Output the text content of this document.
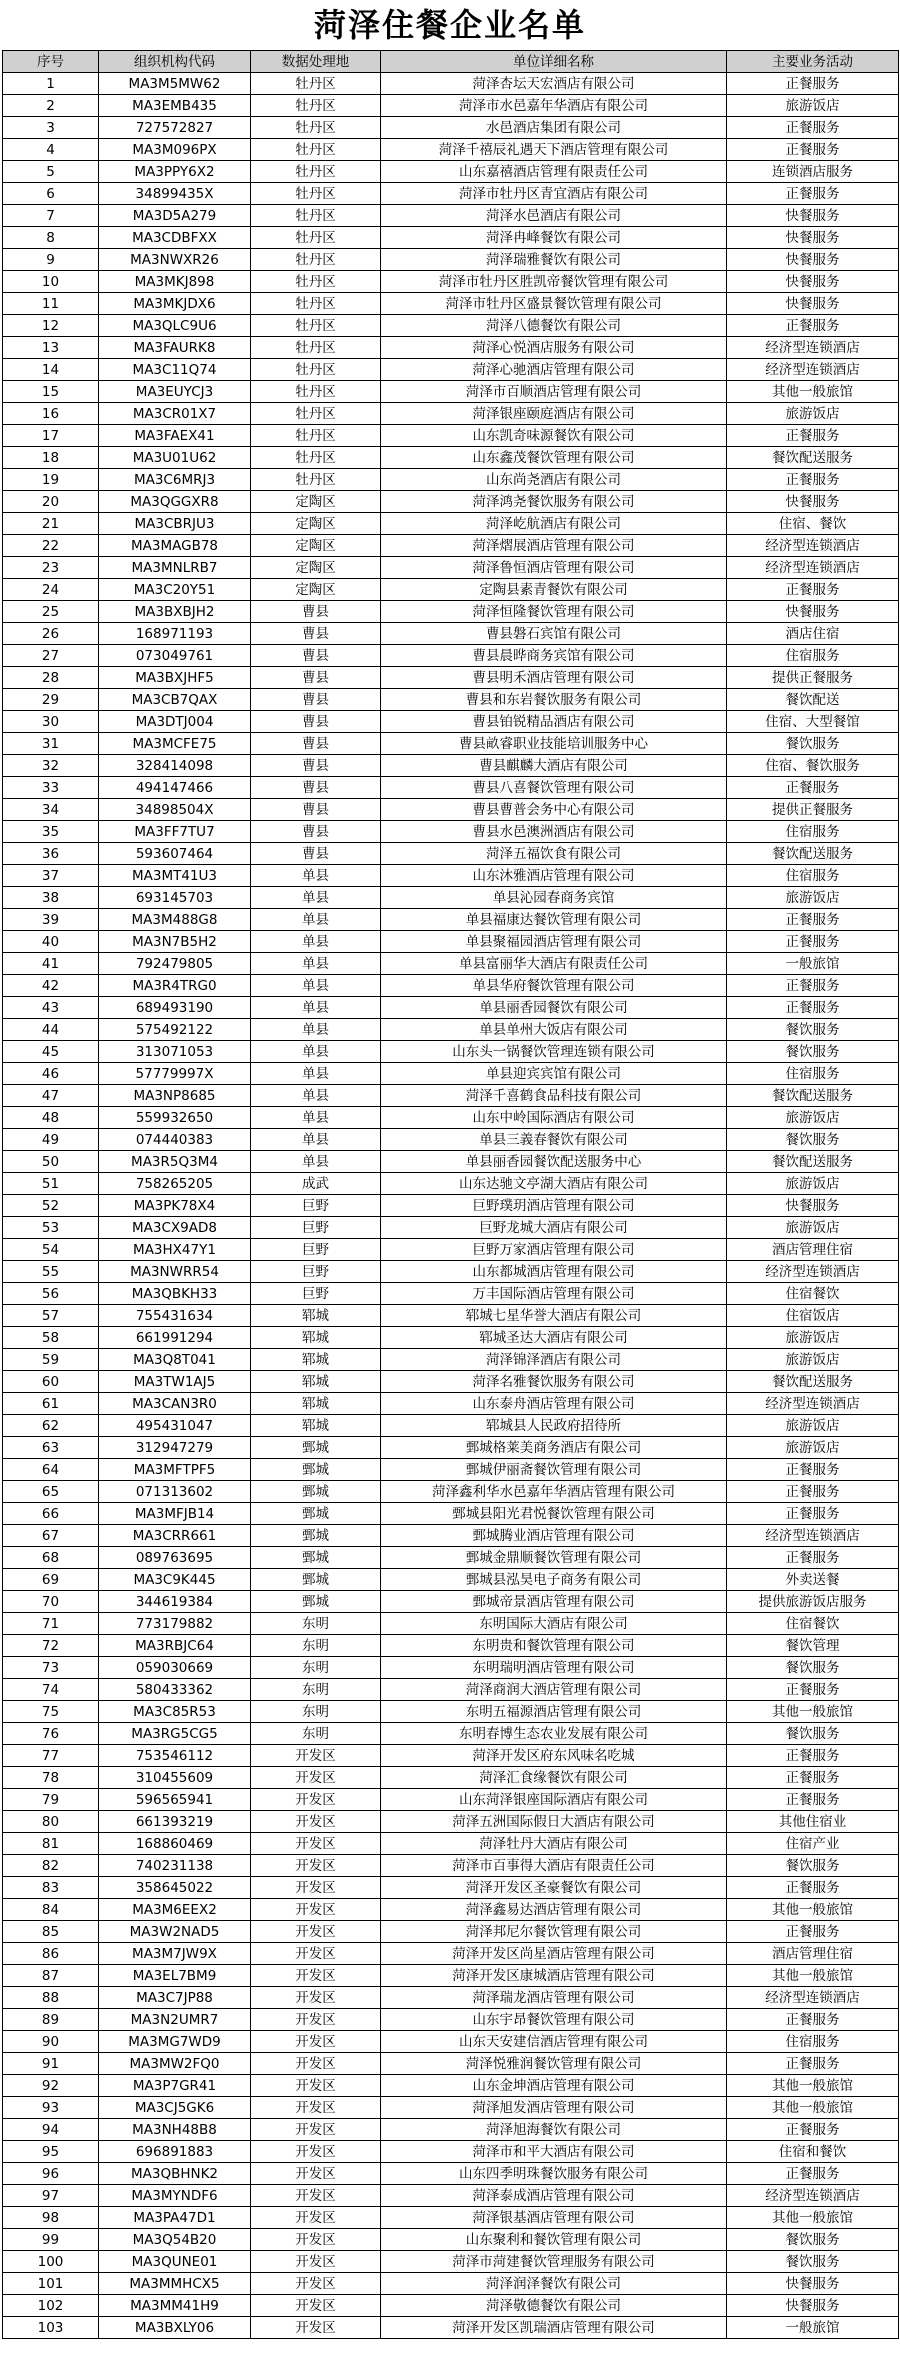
菏泽住餐企业名单
序号	组织机构代码	数据处理地	单位详细名称	主要业务活动
1	MA3M5MW62	牡丹区	菏泽杏坛天宏酒店有限公司	正餐服务
2	MA3EMB435	牡丹区	菏泽市水邑嘉年华酒店有限公司	旅游饭店
3	727572827	牡丹区	水邑酒店集团有限公司	正餐服务
4	MA3M096PX	牡丹区	菏泽千禧辰礼遇天下酒店管理有限公司	正餐服务
5	MA3PPY6X2	牡丹区	山东嘉禧酒店管理有限责任公司	连锁酒店服务
6	34899435X	牡丹区	菏泽市牡丹区青宜酒店有限公司	正餐服务
7	MA3D5A279	牡丹区	菏泽水邑酒店有限公司	快餐服务
8	MA3CDBFXX	牡丹区	菏泽冉峰餐饮有限公司	快餐服务
9	MA3NWXR26	牡丹区	菏泽瑞雅餐饮有限公司	快餐服务
10	MA3MKJ898	牡丹区	菏泽市牡丹区胜凯帝餐饮管理有限公司	快餐服务
11	MA3MKJDX6	牡丹区	菏泽市牡丹区盛景餐饮管理有限公司	快餐服务
12	MA3QLC9U6	牡丹区	菏泽八德餐饮有限公司	正餐服务
13	MA3FAURK8	牡丹区	菏泽心悦酒店服务有限公司	经济型连锁酒店
14	MA3C11Q74	牡丹区	菏泽心驰酒店管理有限公司	经济型连锁酒店
15	MA3EUYCJ3	牡丹区	菏泽市百顺酒店管理有限公司	其他一般旅馆
16	MA3CR01X7	牡丹区	菏泽银座颐庭酒店有限公司	旅游饭店
17	MA3FAEX41	牡丹区	山东凯奇味源餐饮有限公司	正餐服务
18	MA3U01U62	牡丹区	山东鑫茂餐饮管理有限公司	餐饮配送服务
19	MA3C6MRJ3	牡丹区	山东尚尧酒店有限公司	正餐服务
20	MA3QGGXR8	定陶区	菏泽鸿尧餐饮服务有限公司	快餐服务
21	MA3CBRJU3	定陶区	菏泽屹航酒店有限公司	住宿、餐饮
22	MA3MAGB78	定陶区	菏泽熠展酒店管理有限公司	经济型连锁酒店
23	MA3MNLRB7	定陶区	菏泽鲁恒酒店管理有限公司	经济型连锁酒店
24	MA3C20Y51	定陶区	定陶县素青餐饮有限公司	正餐服务
25	MA3BXBJH2	曹县	菏泽恒隆餐饮管理有限公司	快餐服务
26	168971193	曹县	曹县磐石宾馆有限公司	酒店住宿
27	073049761	曹县	曹县晨晔商务宾馆有限公司	住宿服务
28	MA3BXJHF5	曹县	曹县明禾酒店管理有限公司	提供正餐服务
29	MA3CB7QAX	曹县	曹县和东岩餐饮服务有限公司	餐饮配送
30	MA3DTJ004	曹县	曹县铂锐精品酒店有限公司	住宿、大型餐馆
31	MA3MCFE75	曹县	曹县畝睿职业技能培训服务中心	餐饮服务
32	328414098	曹县	曹县麒麟大酒店有限公司	住宿、餐饮服务
33	494147466	曹县	曹县八喜餐饮管理有限公司	正餐服务
34	34898504X	曹县	曹县曹普会务中心有限公司	提供正餐服务
35	MA3FF7TU7	曹县	曹县水邑澳洲酒店有限公司	住宿服务
36	593607464	曹县	菏泽五福饮食有限公司	餐饮配送服务
37	MA3MT41U3	单县	山东沐雅酒店管理有限公司	住宿服务
38	693145703	单县	单县沁园春商务宾馆	旅游饭店
39	MA3M488G8	单县	单县福康达餐饮管理有限公司	正餐服务
40	MA3N7B5H2	单县	单县聚福园酒店管理有限公司	正餐服务
41	792479805	单县	单县富丽华大酒店有限责任公司	一般旅馆
42	MA3R4TRG0	单县	单县华府餐饮管理有限公司	正餐服务
43	689493190	单县	单县丽香园餐饮有限公司	正餐服务
44	575492122	单县	单县单州大饭店有限公司	餐饮服务
45	313071053	单县	山东头一锅餐饮管理连锁有限公司	餐饮服务
46	57779997X	单县	单县迎宾宾馆有限公司	住宿服务
47	MA3NP8685	单县	菏泽千喜鹤食品科技有限公司	餐饮配送服务
48	559932650	单县	山东中岭国际酒店有限公司	旅游饭店
49	074440383	单县	单县三義春餐饮有限公司	餐饮服务
50	MA3R5Q3M4	单县	单县丽香园餐饮配送服务中心	餐饮配送服务
51	758265205	成武	山东达驰文亭湖大酒店有限公司	旅游饭店
52	MA3PK78X4	巨野	巨野璞玥酒店管理有限公司	快餐服务
53	MA3CX9AD8	巨野	巨野龙城大酒店有限公司	旅游饭店
54	MA3HX47Y1	巨野	巨野万家酒店管理有限公司	酒店管理住宿
55	MA3NWRR54	巨野	山东都城酒店管理有限公司	经济型连锁酒店
56	MA3QBKH33	巨野	万丰国际酒店管理有限公司	住宿餐饮
57	755431634	郓城	郓城七星华誉大酒店有限公司	住宿饭店
58	661991294	郓城	郓城圣达大酒店有限公司	旅游饭店
59	MA3Q8T041	郓城	菏泽锦泽酒店有限公司	旅游饭店
60	MA3TW1AJ5	郓城	菏泽名雅餐饮服务有限公司	餐饮配送服务
61	MA3CAN3R0	郓城	山东泰舟酒店管理有限公司	经济型连锁酒店
62	495431047	郓城	郓城县人民政府招待所	旅游饭店
63	312947279	鄄城	鄄城格莱美商务酒店有限公司	旅游饭店
64	MA3MFTPF5	鄄城	鄄城伊丽斋餐饮管理有限公司	正餐服务
65	071313602	鄄城	菏泽鑫利华水邑嘉年华酒店管理有限公司	正餐服务
66	MA3MFJB14	鄄城	鄄城县阳光君悦餐饮管理有限公司	正餐服务
67	MA3CRR661	鄄城	鄄城腾业酒店管理有限公司	经济型连锁酒店
68	089763695	鄄城	鄄城金鼎顺餐饮管理有限公司	正餐服务
69	MA3C9K445	鄄城	鄄城县泓昊电子商务有限公司	外卖送餐
70	344619384	鄄城	鄄城帝景酒店管理有限公司	提供旅游饭店服务
71	773179882	东明	东明国际大酒店有限公司	住宿餐饮
72	MA3RBJC64	东明	东明贵和餐饮管理有限公司	餐饮管理
73	059030669	东明	东明瑞明酒店管理有限公司	餐饮服务
74	580433362	东明	菏泽商润大酒店管理有限公司	正餐服务
75	MA3C85R53	东明	东明五福源酒店管理有限公司	其他一般旅馆
76	MA3RG5CG5	东明	东明春博生态农业发展有限公司	餐饮服务
77	753546112	开发区	菏泽开发区府东风味名吃城	正餐服务
78	310455609	开发区	菏泽汇食缘餐饮有限公司	正餐服务
79	596565941	开发区	山东菏泽银座国际酒店有限公司	正餐服务
80	661393219	开发区	菏泽五洲国际假日大酒店有限公司	其他住宿业
81	168860469	开发区	菏泽牡丹大酒店有限公司	住宿产业
82	740231138	开发区	菏泽市百事得大酒店有限责任公司	餐饮服务
83	358645022	开发区	菏泽开发区圣豪餐饮有限公司	正餐服务
84	MA3M6EEX2	开发区	菏泽鑫易达酒店管理有限公司	其他一般旅馆
85	MA3W2NAD5	开发区	菏泽邦尼尔餐饮管理有限公司	正餐服务
86	MA3M7JW9X	开发区	菏泽开发区尚星酒店管理有限公司	酒店管理住宿
87	MA3EL7BM9	开发区	菏泽开发区康城酒店管理有限公司	其他一般旅馆
88	MA3C7JP88	开发区	菏泽瑞龙酒店管理有限公司	经济型连锁酒店
89	MA3N2UMR7	开发区	山东宇昂餐饮管理有限公司	正餐服务
90	MA3MG7WD9	开发区	山东天安建信酒店管理有限公司	住宿服务
91	MA3MW2FQ0	开发区	菏泽悦雅润餐饮管理有限公司	正餐服务
92	MA3P7GR41	开发区	山东金坤酒店管理有限公司	其他一般旅馆
93	MA3CJ5GK6	开发区	菏泽旭发酒店管理有限公司	其他一般旅馆
94	MA3NH48B8	开发区	菏泽旭海餐饮有限公司	正餐服务
95	696891883	开发区	菏泽市和平大酒店有限公司	住宿和餐饮
96	MA3QBHNK2	开发区	山东四季明珠餐饮服务有限公司	正餐服务
97	MA3MYNDF6	开发区	菏泽泰成酒店管理有限公司	经济型连锁酒店
98	MA3PA47D1	开发区	菏泽银基酒店管理有限公司	其他一般旅馆
99	MA3Q54B20	开发区	山东聚利和餐饮管理有限公司	餐饮服务
100	MA3QUNE01	开发区	菏泽市菏建餐饮管理服务有限公司	餐饮服务
101	MA3MMHCX5	开发区	菏泽润泽餐饮有限公司	快餐服务
102	MA3MM41H9	开发区	菏泽敬德餐饮有限公司	快餐服务
103	MA3BXLY06	开发区	菏泽开发区凯瑞酒店管理有限公司	一般旅馆
